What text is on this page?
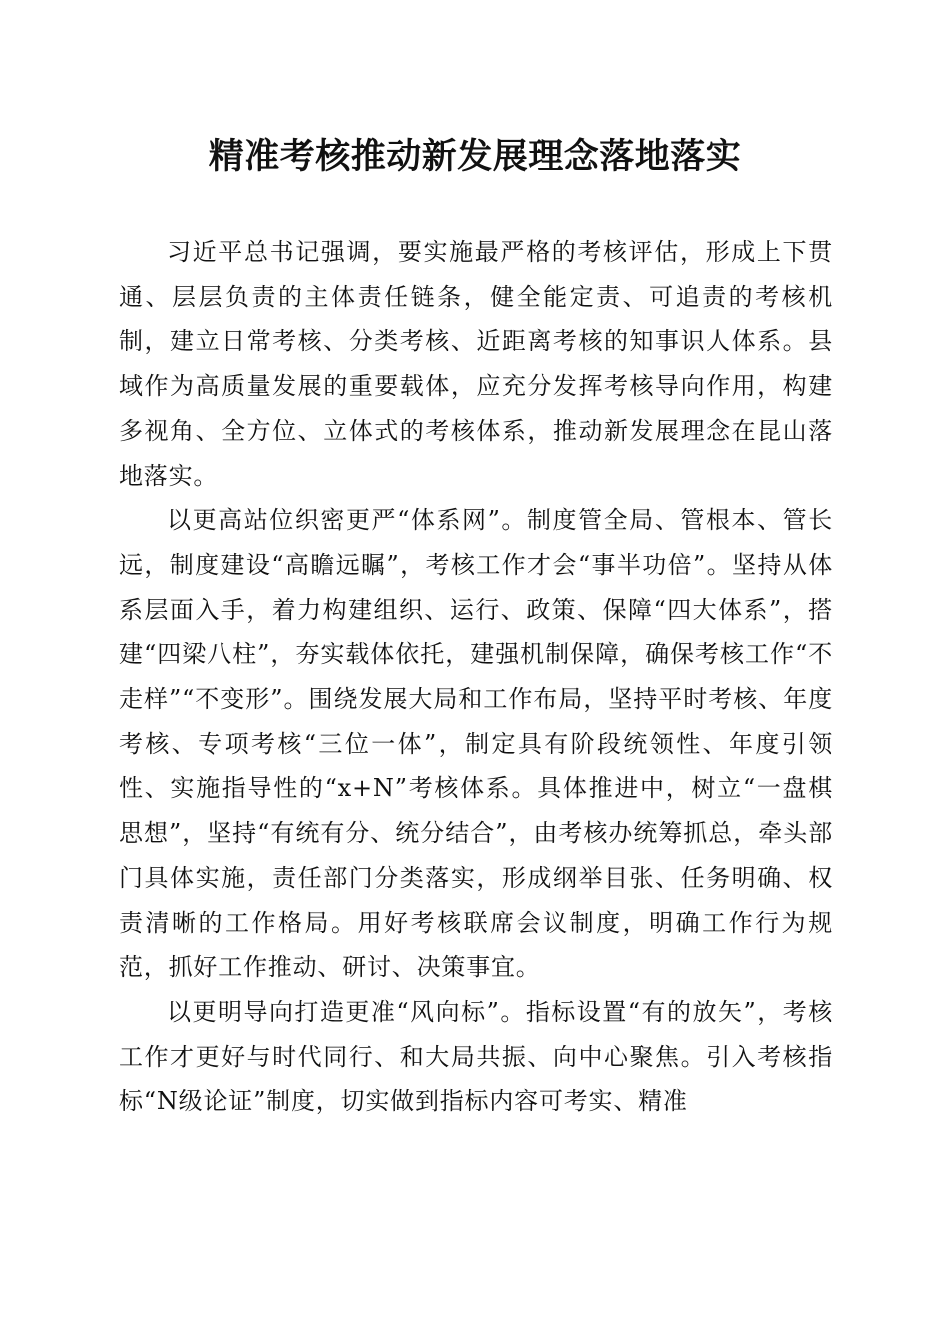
精准考核推动新发展理念落地落实

习近平总书记强调，要实施最严格的考核评估，形成上下贯通、层层负责的主体责任链条，健全能定责、可追责的考核机制，建立日常考核、分类考核、近距离考核的知事识人体系。县域作为高质量发展的重要载体，应充分发挥考核导向作用，构建多视角、全方位、立体式的考核体系，推动新发展理念在昆山落地落实。

以更高站位织密更严“体系网”。制度管全局、管根本、管长远，制度建设“高瞻远瞩”，考核工作才会“事半功倍”。坚持从体系层面入手，着力构建组织、运行、政策、保障“四大体系”，搭建“四梁八柱”，夯实载体依托，建强机制保障，确保考核工作“不走样”“不变形”。围绕发展大局和工作布局，坚持平时考核、年度考核、专项考核“三位一体”，制定具有阶段统领性、年度引领性、实施指导性的“x+N”考核体系。具体推进中，树立“一盘棋思想”，坚持“有统有分、统分结合”，由考核办统筹抓总，牵头部门具体实施，责任部门分类落实，形成纲举目张、任务明确、权责清晰的工作格局。用好考核联席会议制度，明确工作行为规范，抓好工作推动、研讨、决策事宜。

以更明导向打造更准“风向标”。指标设置“有的放矢”，考核工作才更好与时代同行、和大局共振、向中心聚焦。引入考核指标“N级论证”制度，切实做到指标内容可考实、精准
